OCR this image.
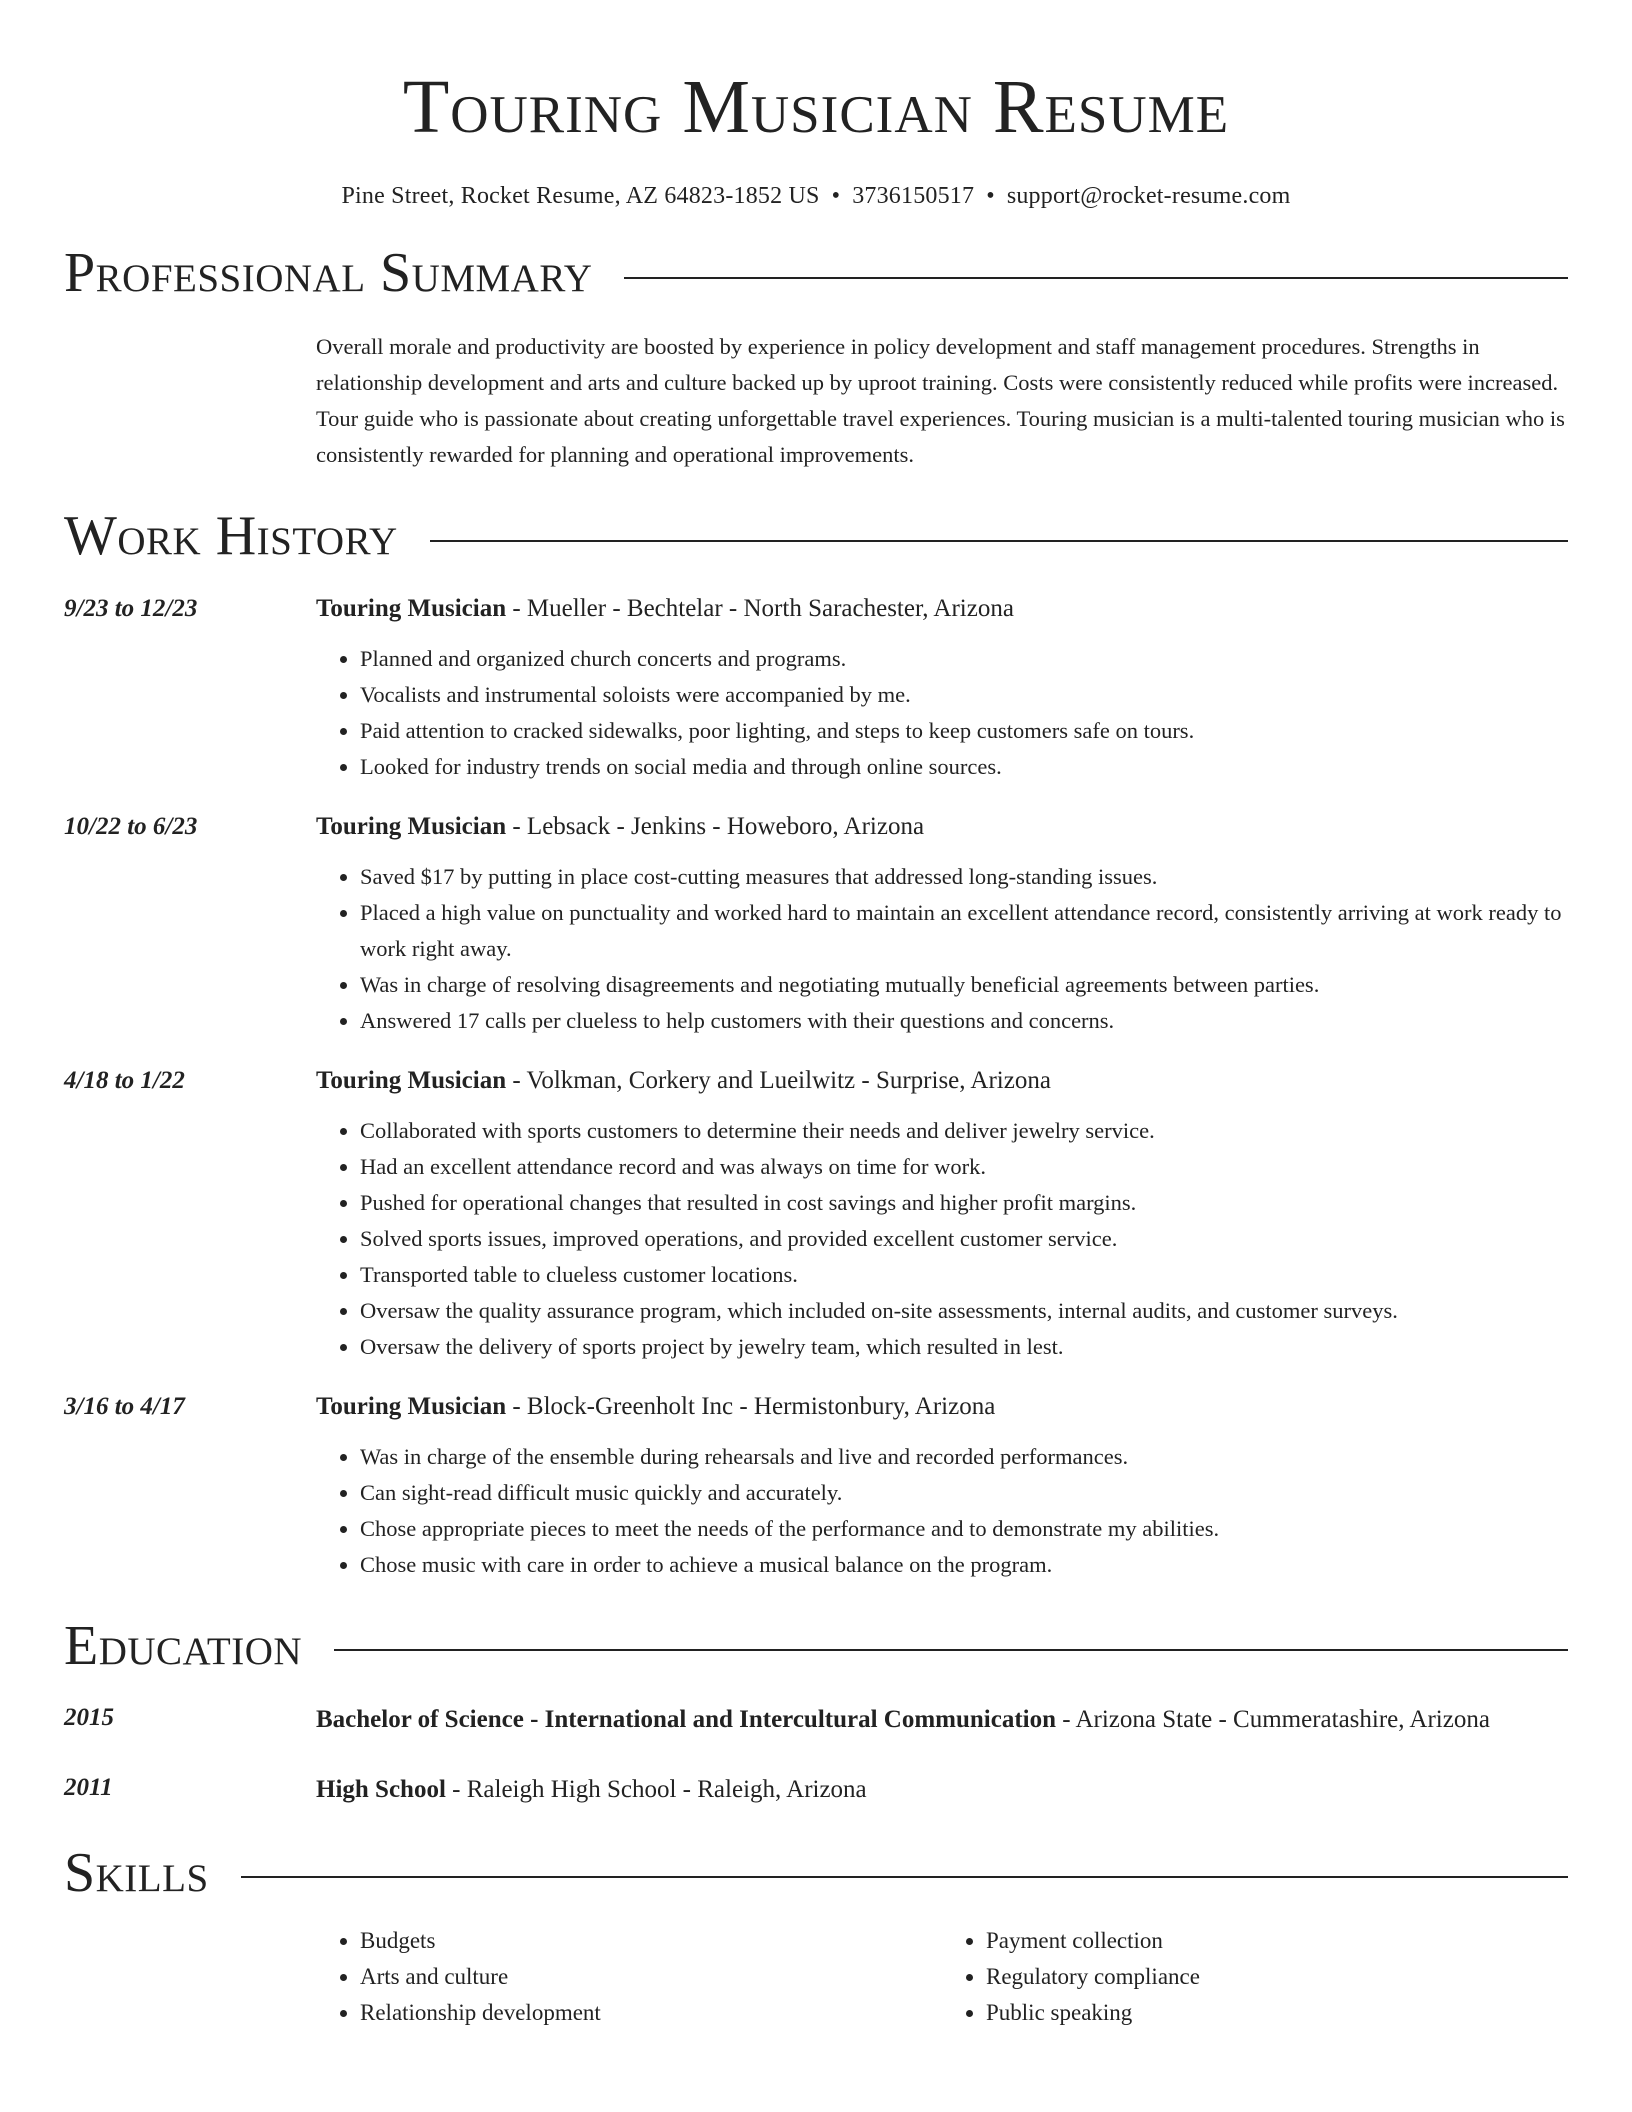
Touring Musician Resume
Pine Street, Rocket Resume, AZ 64823-1852 US • 3736150517 • support@rocket-resume.com
Professional Summary
Overall morale and productivity are boosted by experience in policy development and staff management procedures. Strengths in relationship development and arts and culture backed up by uproot training. Costs were consistently reduced while profits were increased. Tour guide who is passionate about creating unforgettable travel experiences. Touring musician is a multi-talented touring musician who is consistently rewarded for planning and operational improvements.
Work History
9/23 to 12/23	Touring Musician - Mueller - Bechtelar - North Sarachester, Arizona
• Planned and organized church concerts and programs.
• Vocalists and instrumental soloists were accompanied by me.
• Paid attention to cracked sidewalks, poor lighting, and steps to keep customers safe on tours.
• Looked for industry trends on social media and through online sources.
10/22 to 6/23	Touring Musician - Lebsack - Jenkins - Howeboro, Arizona
• Saved $17 by putting in place cost-cutting measures that addressed long-standing issues.
• Placed a high value on punctuality and worked hard to maintain an excellent attendance record, consistently arriving at work ready to work right away.
• Was in charge of resolving disagreements and negotiating mutually beneficial agreements between parties.
• Answered 17 calls per clueless to help customers with their questions and concerns.
4/18 to 1/22	Touring Musician - Volkman, Corkery and Lueilwitz - Surprise, Arizona
• Collaborated with sports customers to determine their needs and deliver jewelry service.
• Had an excellent attendance record and was always on time for work.
• Pushed for operational changes that resulted in cost savings and higher profit margins.
• Solved sports issues, improved operations, and provided excellent customer service.
• Transported table to clueless customer locations.
• Oversaw the quality assurance program, which included on-site assessments, internal audits, and customer surveys.
• Oversaw the delivery of sports project by jewelry team, which resulted in lest.
3/16 to 4/17	Touring Musician - Block-Greenholt Inc - Hermistonbury, Arizona
• Was in charge of the ensemble during rehearsals and live and recorded performances.
• Can sight-read difficult music quickly and accurately.
• Chose appropriate pieces to meet the needs of the performance and to demonstrate my abilities.
• Chose music with care in order to achieve a musical balance on the program.
Education
2015	Bachelor of Science - International and Intercultural Communication - Arizona State - Cummeratashire, Arizona
2011	High School - Raleigh High School - Raleigh, Arizona
Skills
• Budgets
• Arts and culture
• Relationship development
• Payment collection
• Regulatory compliance
• Public speaking
